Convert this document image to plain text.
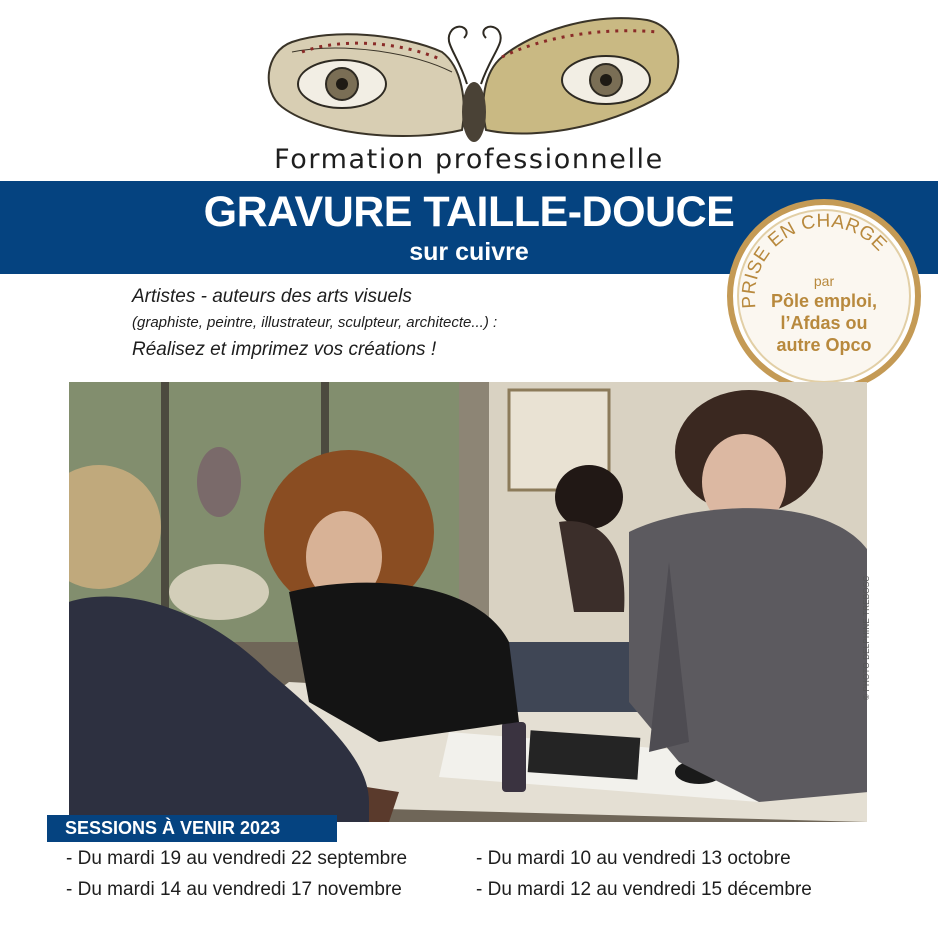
Formation professionnelle
GRAVURE TAILLE-DOUCE
sur cuivre
Artistes - auteurs des arts visuels
(graphiste, peintre, illustrateur, sculpteur, architecte...) :
Réalisez et imprimez vos créations !
PRISE EN CHARGE
par
Pôle emploi,
l’Afdas ou
autre Opco
© PHOTO DELPHINE TREBOSC
SESSIONS À VENIR 2023
- Du mardi 19 au vendredi 22 septembre	- Du mardi 10 au vendredi 13 octobre
- Du mardi 14 au vendredi 17 novembre	- Du mardi 12 au vendredi 15 décembre
